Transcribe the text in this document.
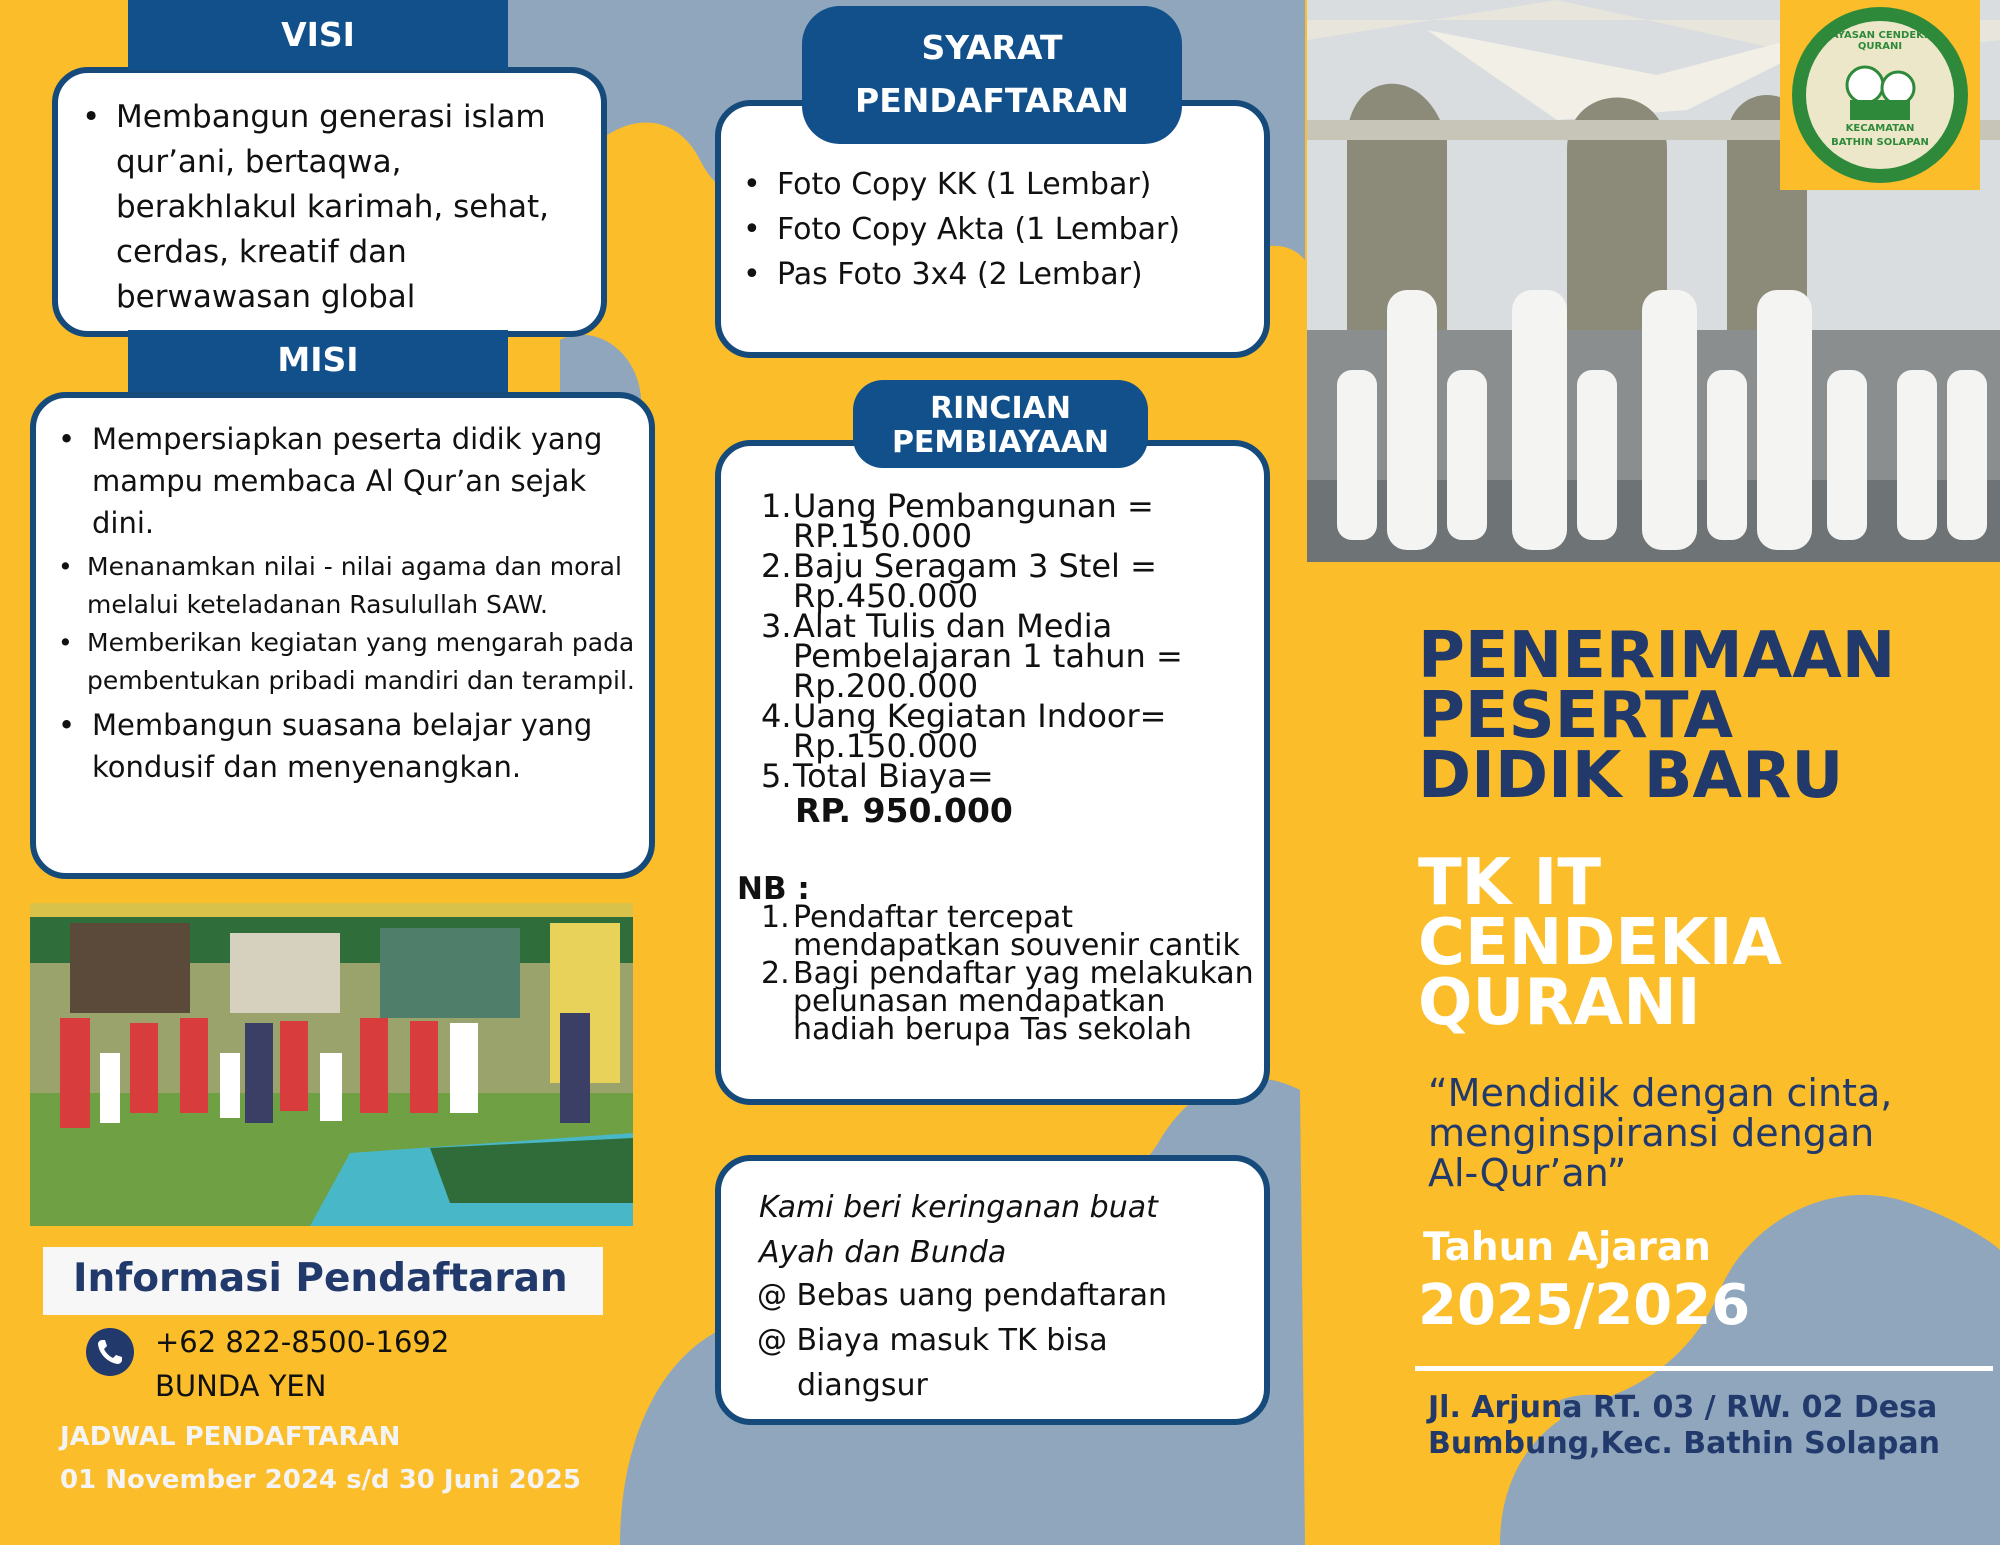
• Membangun generasi islam qur’ani, bertaqwa, berakhlakul karimah, sehat, cerdas, kreatif dan berwawasan global
VISI
MISI
• Mempersiapkan peserta didik yang mampu membaca Al Qur’an sejak dini.
• Menanamkan nilai - nilai agama dan moral melalui keteladanan Rasulullah SAW.
• Memberikan kegiatan yang mengarah pada pembentukan pribadi mandiri dan terampil.
• Membangun suasana belajar yang kondusif dan menyenangkan.
Informasi Pendaftaran
+62 822-8500-1692
BUNDA YEN
JADWAL PENDAFTARAN
01 November 2024 s/d 30 Juni 2025
• Foto Copy KK (1 Lembar)
• Foto Copy Akta (1 Lembar)
• Pas Foto 3x4 (2 Lembar)
SYARAT
PENDAFTARAN
1. Uang Pembangunan = RP.150.000
2. Baju Seragam 3 Stel = Rp.450.000
3. Alat Tulis dan Media Pembelajaran 1 tahun = Rp.200.000
4. Uang Kegiatan Indoor= Rp.150.000
5. Total Biaya=
RP. 950.000
NB :
1. Pendaftar tercepat mendapatkan souvenir cantik
2. Bagi pendaftar yag melakukan pelunasan mendapatkan hadiah berupa Tas sekolah
RINCIAN
PEMBIAYAAN
Kami beri keringanan buat
Ayah dan Bunda
@ Bebas uang pendaftaran
@ Biaya masuk TK bisa
diangsur
YAYASAN CENDEKIA QURANI
KECAMATAN
BATHIN SOLAPAN
PENERIMAAN
PESERTA
DIDIK BARU
TK IT
CENDEKIA
QURANI
“Mendidik dengan cinta,
menginspiransi dengan
Al-Qur’an”
Tahun Ajaran
2025/2026
Jl. Arjuna RT. 03 / RW. 02 Desa
Bumbung,Kec. Bathin Solapan
